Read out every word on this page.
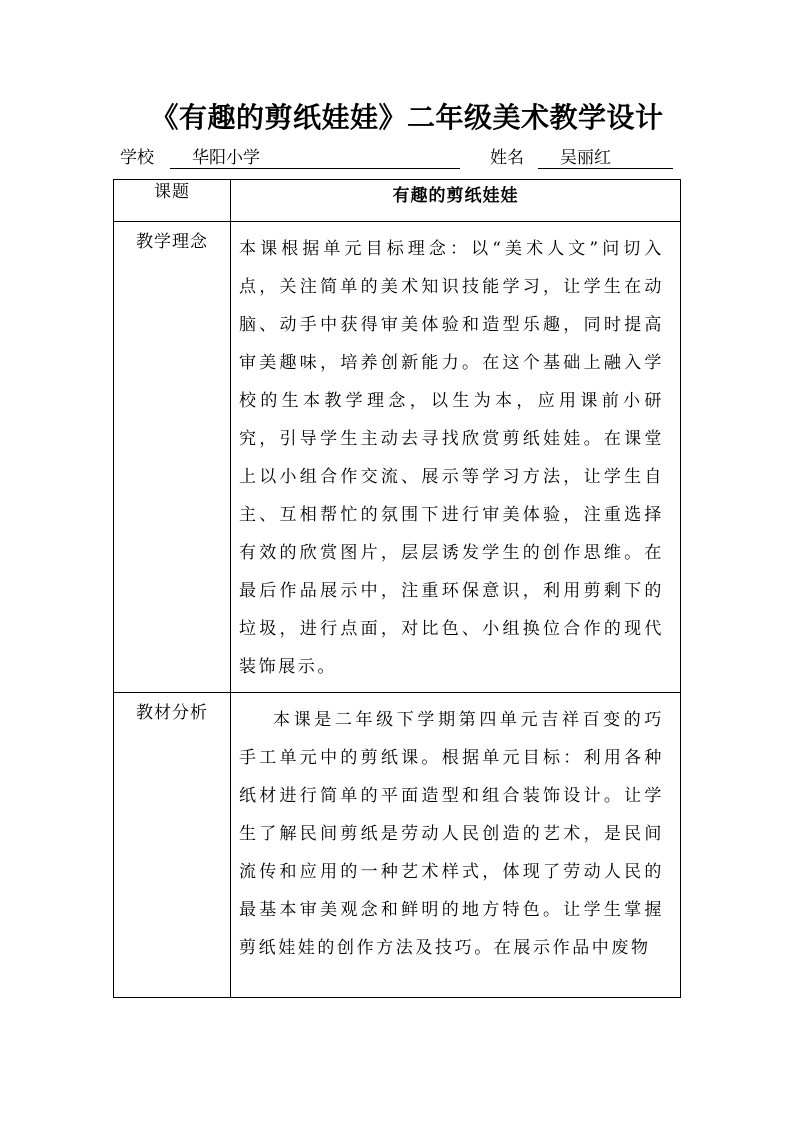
《有趣的剪纸娃娃》二年级美术教学设计
学校	华阳小学	姓名	吴丽红
课题	有趣的剪纸娃娃
教学理念	本课根据单元目标理念：以“美术人文”问切入点，关注简单的美术知识技能学习，让学生在动脑、动手中获得审美体验和造型乐趣，同时提高审美趣味，培养创新能力。在这个基础上融入学校的生本教学理念，以生为本，应用课前小研究，引导学生主动去寻找欣赏剪纸娃娃。在课堂上以小组合作交流、展示等学习方法，让学生自主、互相帮忙的氛围下进行审美体验，注重选择有效的欣赏图片，层层诱发学生的创作思维。在最后作品展示中，注重环保意识，利用剪剩下的垃圾，进行点面，对比色、小组换位合作的现代装饰展示。

教材分析	本课是二年级下学期第四单元吉祥百变的巧手工单元中的剪纸课。根据单元目标：利用各种纸材进行简单的平面造型和组合装饰设计。让学生了解民间剪纸是劳动人民创造的艺术，是民间流传和应用的一种艺术样式，体现了劳动人民的最基本审美观念和鲜明的地方特色。让学生掌握剪纸娃娃的创作方法及技巧。在展示作品中废物
